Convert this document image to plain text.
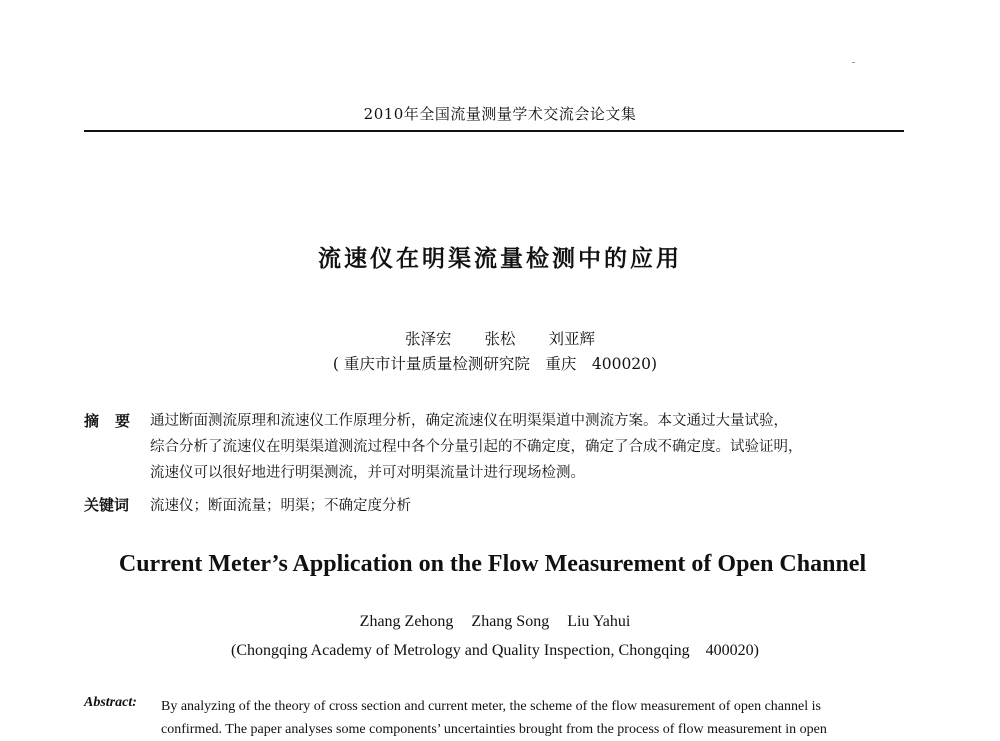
2010年全国流量测量学术交流会论文集
流速仪在明渠流量检测中的应用
张泽宏 张松 刘亚辉
( 重庆市计量质量检测研究院　重庆　400020)
摘要 通过断面测流原理和流速仪工作原理分析，确定流速仪在明渠渠道中测流方案。本文通过大量试验，
综合分析了流速仪在明渠渠道测流过程中各个分量引起的不确定度，确定了合成不确定度。试验证明，
流速仪可以很好地进行明渠测流，并可对明渠流量计进行现场检测。
关键词 流速仪；断面流量；明渠；不确定度分析
Current Meter’s Application on the Flow Measurement of Open Channel
Zhang Zehong Zhang Song Liu Yahui
(Chongqing Academy of Metrology and Quality Inspection, Chongqing　400020)
Abstract: By analyzing of the theory of cross section and current meter, the scheme of the flow measurement of open channel is
confirmed. The paper analyses some components’ uncertainties brought from the process of flow measurement in open
